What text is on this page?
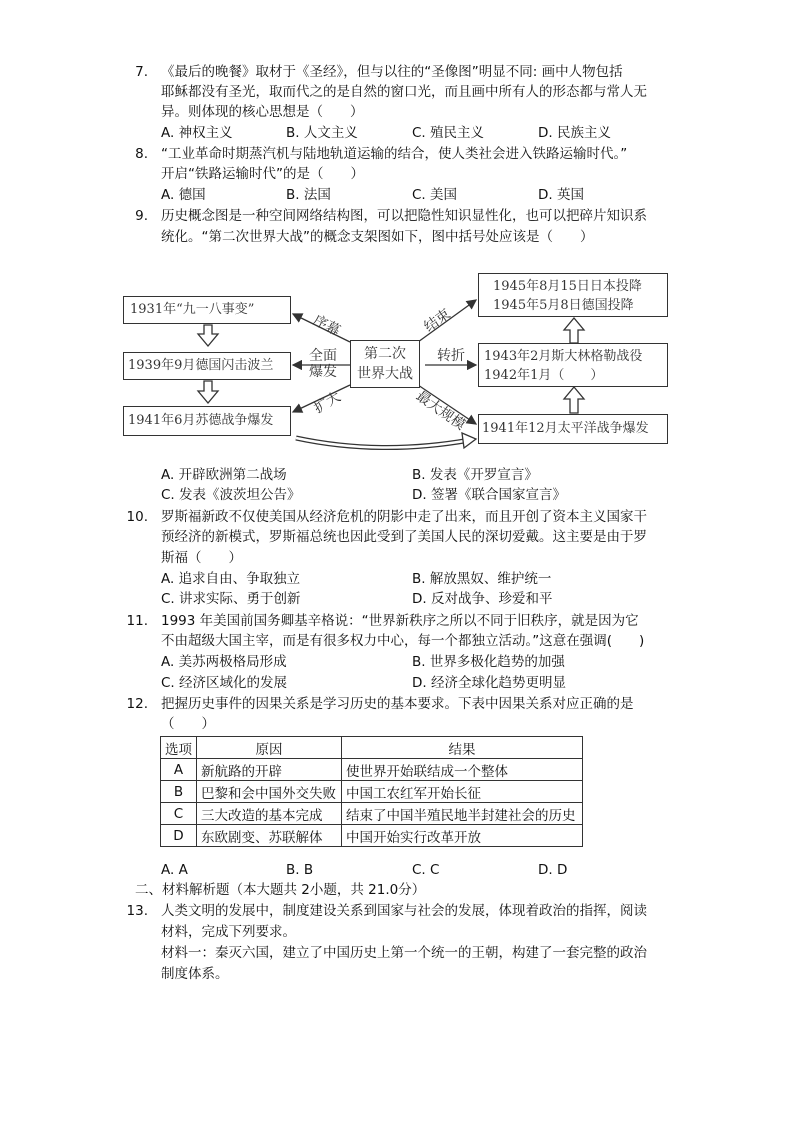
7. 《最后的晚餐》取材于《圣经》，但与以往的“圣像图”明显不同: 画中人物包括
耶稣都没有圣光，取而代之的是自然的窗口光，而且画中所有人的形态都与常人无
异。则体现的核心思想是（　　）
A. 神权主义	B. 人文主义	C. 殖民主义	D. 民族主义
8. “工业革命时期蒸汽机与陆地轨道运输的结合，使人类社会进入铁路运输时代。”
开启“铁路运输时代”的是（　　）
A. 德国	B. 法国	C. 美国	D. 英国
9. 历史概念图是一种空间网络结构图，可以把隐性知识显性化，也可以把碎片知识系
统化。“第二次世界大战”的概念支架图如下，图中括号处应该是（　　）
1931年“九一八事变”
1939年9月德国闪击波兰
1941年6月苏德战争爆发
第二次
世界大战
1945年8月15日日本投降
1945年5月8日德国投降
1943年2月斯大林格勒战役
1942年1月（　　）
1941年12月太平洋战争爆发
序幕
全面
爆发
扩大
结束
转折
最大规模
A. 开辟欧洲第二战场	B. 发表《开罗宣言》
C. 发表《波茨坦公告》	D. 签署《联合国家宣言》
10. 罗斯福新政不仅使美国从经济危机的阴影中走了出来，而且开创了资本主义国家干
预经济的新模式，罗斯福总统也因此受到了美国人民的深切爱戴。这主要是由于罗
斯福（　　）
A. 追求自由、争取独立	B. 解放黑奴、维护统一
C. 讲求实际、勇于创新	D. 反对战争、珍爱和平
11. 1993 年美国前国务卿基辛格说：“世界新秩序之所以不同于旧秩序，就是因为它
不由超级大国主宰，而是有很多权力中心，每一个都独立活动。”这意在强调(　　)
A. 美苏两极格局形成	B. 世界多极化趋势的加强
C. 经济区域化的发展	D. 经济全球化趋势更明显
12. 把握历史事件的因果关系是学习历史的基本要求。下表中因果关系对应正确的是
（　　）
选项	原因	结果
A	新航路的开辟	使世界开始联结成一个整体
B	巴黎和会中国外交失败	中国工农红军开始长征
C	三大改造的基本完成	结束了中国半殖民地半封建社会的历史
D	东欧剧变、苏联解体	中国开始实行改革开放
A. A	B. B	C. C	D. D
二、材料解析题（本大题共 2小题，共 21.0分）
13. 人类文明的发展中，制度建设关系到国家与社会的发展，体现着政治的指挥，阅读
材料，完成下列要求。
材料一：秦灭六国，建立了中国历史上第一个统一的王朝，构建了一套完整的政治
制度体系。
